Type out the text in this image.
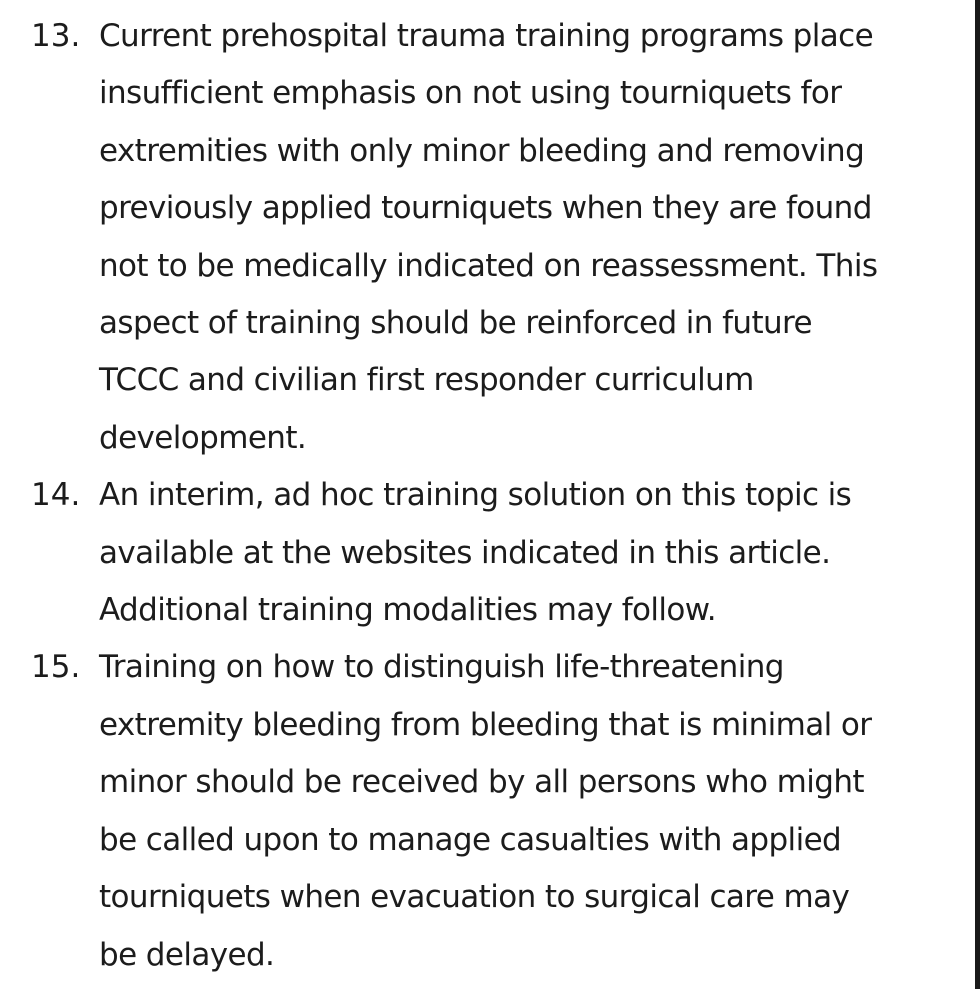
13. Current prehospital trauma training programs place
insufficient emphasis on not using tourniquets for
extremities with only minor bleeding and removing
previously applied tourniquets when they are found
not to be medically indicated on reassessment. This
aspect of training should be reinforced in future
TCCC and civilian first responder curriculum
development.
14. An interim, ad hoc training solution on this topic is
available at the websites indicated in this article.
Additional training modalities may follow.
15. Training on how to distinguish life-threatening
extremity bleeding from bleeding that is minimal or
minor should be received by all persons who might
be called upon to manage casualties with applied
tourniquets when evacuation to surgical care may
be delayed.
